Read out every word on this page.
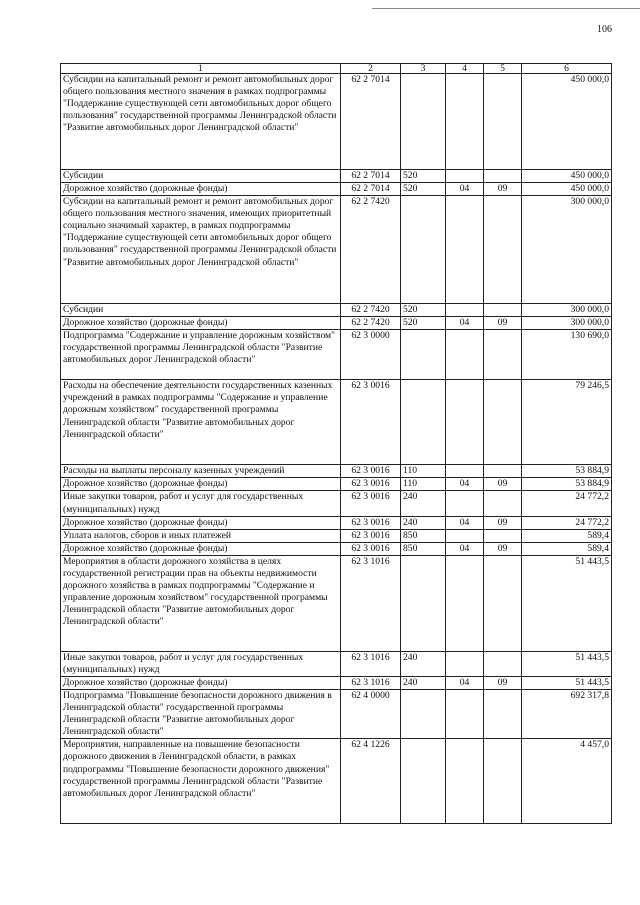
106
1	2	3	4	5	6
Субсидии на капитальный ремонт и ремонт автомобильных дорог общего пользования местного значения в рамках подпрограммы "Поддержание существующей сети автомобильных дорог общего пользования" государственной программы Ленинградской области "Развитие автомобильных дорог Ленинградской области"	62 2 7014				450 000,0
Субсидии	62 2 7014	520			450 000,0
Дорожное хозяйство (дорожные фонды)	62 2 7014	520	04	09	450 000,0
Субсидии на капитальный ремонт и ремонт автомобильных дорог общего пользования местного значения, имеющих приоритетный социально значимый характер, в рамках подпрограммы "Поддержание существующей сети автомобильных дорог общего пользования" государственной программы Ленинградской области "Развитие автомобильных дорог Ленинградской области"	62 2 7420				300 000,0
Субсидии	62 2 7420	520			300 000,0
Дорожное хозяйство (дорожные фонды)	62 2 7420	520	04	09	300 000,0
Подпрограмма "Содержание и управление дорожным хозяйством" государственной программы Ленинградской области "Развитие автомобильных дорог Ленинградской области"	62 3 0000				130 690,0
Расходы на обеспечение деятельности государственных казенных учреждений в рамках подпрограммы "Содержание и управление дорожным хозяйством" государственной программы Ленинградской области "Развитие автомобильных дорог Ленинградской области"	62 3 0016				79 246,5
Расходы на выплаты персоналу казенных учреждений	62 3 0016	110			53 884,9
Дорожное хозяйство (дорожные фонды)	62 3 0016	110	04	09	53 884,9
Иные закупки товаров, работ и услуг для государственных (муниципальных) нужд	62 3 0016	240			24 772,2
Дорожное хозяйство (дорожные фонды)	62 3 0016	240	04	09	24 772,2
Уплата налогов, сборов и иных платежей	62 3 0016	850			589,4
Дорожное хозяйство (дорожные фонды)	62 3 0016	850	04	09	589,4
Мероприятия в области дорожного хозяйства в целях государственной регистрации прав на объекты недвижимости дорожного хозяйства в рамках подпрограммы "Содержание и управление дорожным хозяйством" государственной программы Ленинградской области "Развитие автомобильных дорог Ленинградской области"	62 3 1016				51 443,5
Иные закупки товаров, работ и услуг для государственных (муниципальных) нужд	62 3 1016	240			51 443,5
Дорожное хозяйство (дорожные фонды)	62 3 1016	240	04	09	51 443,5
Подпрограмма "Повышение безопасности дорожного движения в Ленинградской области" государственной программы Ленинградской области "Развитие автомобильных дорог Ленинградской области"	62 4 0000				692 317,8
Мероприятия, направленные на повышение безопасности дорожного движения в Ленинградской области, в рамках подпрограммы "Повышение безопасности дорожного движения" государственной программы Ленинградской области "Развитие автомобильных дорог Ленинградской области"	62 4 1226				4 457,0
